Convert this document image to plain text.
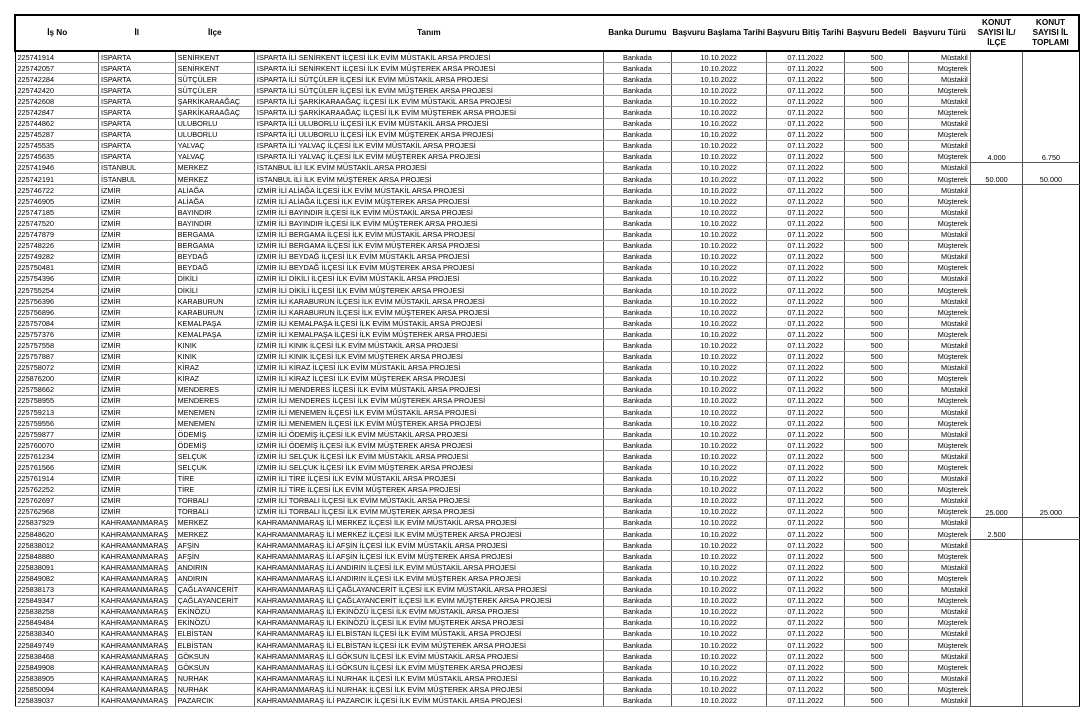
İş No	İl	İlçe	Tanım	Banka Durumu	Başvuru Başlama Tarihi	Başvuru Bitiş Tarihi	Başvuru Bedeli	Başvuru Türü	KONUT SAYISI İL/İLÇE	KONUT SAYISI İL TOPLAMI
225741914	ISPARTA	SENİRKENT	ISPARTA İLİ SENİRKENT İLÇESİ İLK EVİM MÜSTAKİL ARSA PROJESİ	Bankada	10.10.2022	07.11.2022	500	Müstakil	4.000	6.750
225742057	ISPARTA	SENİRKENT	ISPARTA İLİ SENİRKENT İLÇESİ İLK EVİM MÜŞTEREK ARSA PROJESİ	Bankada	10.10.2022	07.11.2022	500	Müşterek		
225742284	ISPARTA	SÜTÇÜLER	ISPARTA İLİ SÜTÇÜLER İLÇESİ İLK EVİM MÜSTAKİL ARSA PROJESİ	Bankada	10.10.2022	07.11.2022	500	Müstakil		
225742420	ISPARTA	SÜTÇÜLER	ISPARTA İLİ SÜTÇÜLER İLÇESİ İLK EVİM MÜŞTEREK ARSA PROJESİ	Bankada	10.10.2022	07.11.2022	500	Müşterek		
225742608	ISPARTA	ŞARKİKARAAĞAÇ	ISPARTA İLİ ŞARKİKARAAĞAÇ İLÇESİ İLK EVİM MÜSTAKİL ARSA PROJESİ	Bankada	10.10.2022	07.11.2022	500	Müstakil		
225742847	ISPARTA	ŞARKİKARAAĞAÇ	ISPARTA İLİ ŞARKİKARAAĞAÇ İLÇESİ İLK EVİM MÜŞTEREK ARSA PROJESİ	Bankada	10.10.2022	07.11.2022	500	Müşterek		
225744862	ISPARTA	ULUBORLU	ISPARTA İLİ ULUBORLU İLÇESİ İLK EVİM MÜSTAKİL ARSA PROJESİ	Bankada	10.10.2022	07.11.2022	500	Müstakil		
225745287	ISPARTA	ULUBORLU	ISPARTA İLİ ULUBORLU İLÇESİ İLK EVİM MÜŞTEREK ARSA PROJESİ	Bankada	10.10.2022	07.11.2022	500	Müşterek		
225745535	ISPARTA	YALVAÇ	ISPARTA İLİ YALVAÇ İLÇESİ İLK EVİM MÜSTAKİL ARSA PROJESİ	Bankada	10.10.2022	07.11.2022	500	Müstakil		
225745635	ISPARTA	YALVAÇ	ISPARTA İLİ YALVAÇ İLÇESİ İLK EVİM MÜŞTEREK ARSA PROJESİ	Bankada	10.10.2022	07.11.2022	500	Müşterek		
225741946	İSTANBUL	MERKEZ	İSTANBUL İLİ İLK EVİM MÜSTAKİL ARSA PROJESİ	Bankada	10.10.2022	07.11.2022	500	Müstakil	50.000	50.000
225742191	İSTANBUL	MERKEZ	İSTANBUL İLİ İLK EVİM MÜŞTEREK ARSA PROJESİ	Bankada	10.10.2022	07.11.2022	500	Müşterek		
225746722	İZMİR	ALİAĞA	İZMİR İLİ ALİAĞA İLÇESİ İLK EVİM MÜSTAKİL ARSA PROJESİ	Bankada	10.10.2022	07.11.2022	500	Müstakil	25.000	25.000
225746905	İZMİR	ALİAĞA	İZMİR İLİ ALİAĞA İLÇESİ İLK EVİM MÜŞTEREK ARSA PROJESİ	Bankada	10.10.2022	07.11.2022	500	Müşterek		
225747185	İZMİR	BAYINDIR	İZMİR İLİ BAYINDIR İLÇESİ İLK EVİM MÜSTAKİL ARSA PROJESİ	Bankada	10.10.2022	07.11.2022	500	Müstakil		
225747520	İZMİR	BAYINDIR	İZMİR İLİ BAYINDIR İLÇESİ İLK EVİM MÜŞTEREK ARSA PROJESİ	Bankada	10.10.2022	07.11.2022	500	Müşterek		
225747879	İZMİR	BERGAMA	İZMİR İLİ BERGAMA İLÇESİ İLK EVİM MÜSTAKİL ARSA PROJESİ	Bankada	10.10.2022	07.11.2022	500	Müstakil		
225748226	İZMİR	BERGAMA	İZMİR İLİ BERGAMA İLÇESİ İLK EVİM MÜŞTEREK ARSA PROJESİ	Bankada	10.10.2022	07.11.2022	500	Müşterek		
225749282	İZMİR	BEYDAĞ	İZMİR İLİ BEYDAĞ İLÇESİ İLK EVİM MÜSTAKİL ARSA PROJESİ	Bankada	10.10.2022	07.11.2022	500	Müstakil		
225750481	İZMİR	BEYDAĞ	İZMİR İLİ BEYDAĞ İLÇESİ İLK EVİM MÜŞTEREK ARSA PROJESİ	Bankada	10.10.2022	07.11.2022	500	Müşterek		
225754396	İZMİR	DİKİLİ	İZMİR İLİ DİKİLİ İLÇESİ İLK EVİM MÜSTAKİL ARSA PROJESİ	Bankada	10.10.2022	07.11.2022	500	Müstakil		
225755254	İZMİR	DİKİLİ	İZMİR İLİ DİKİLİ İLÇESİ İLK EVİM MÜŞTEREK ARSA PROJESİ	Bankada	10.10.2022	07.11.2022	500	Müşterek		
225756396	İZMİR	KARABURUN	İZMİR İLİ KARABURUN İLÇESİ İLK EVİM MÜSTAKİL ARSA PROJESİ	Bankada	10.10.2022	07.11.2022	500	Müstakil		
225756896	İZMİR	KARABURUN	İZMİR İLİ KARABURUN İLÇESİ İLK EVİM MÜŞTEREK ARSA PROJESİ	Bankada	10.10.2022	07.11.2022	500	Müşterek		
225757084	İZMİR	KEMALPAŞA	İZMİR İLİ KEMALPAŞA İLÇESİ İLK EVİM MÜSTAKİL ARSA PROJESİ	Bankada	10.10.2022	07.11.2022	500	Müstakil		
225757376	İZMİR	KEMALPAŞA	İZMİR İLİ KEMALPAŞA İLÇESİ İLK EVİM MÜŞTEREK ARSA PROJESİ	Bankada	10.10.2022	07.11.2022	500	Müşterek		
225757558	İZMİR	KINIK	İZMİR İLİ KINIK İLÇESİ İLK EVİM MÜSTAKİL ARSA PROJESİ	Bankada	10.10.2022	07.11.2022	500	Müstakil		
225757887	İZMİR	KINIK	İZMİR İLİ KINIK İLÇESİ İLK EVİM MÜŞTEREK ARSA PROJESİ	Bankada	10.10.2022	07.11.2022	500	Müşterek		
225758072	İZMİR	KİRAZ	İZMİR İLİ KİRAZ İLÇESİ İLK EVİM MÜSTAKİL ARSA PROJESİ	Bankada	10.10.2022	07.11.2022	500	Müstakil		
225876200	İZMİR	KİRAZ	İZMİR İLİ KİRAZ İLÇESİ İLK EVİM MÜŞTEREK ARSA PROJESİ	Bankada	10.10.2022	07.11.2022	500	Müşterek		
225758662	İZMİR	MENDERES	İZMİR İLİ MENDERES İLÇESİ İLK EVİM MÜSTAKİL ARSA PROJESİ	Bankada	10.10.2022	07.11.2022	500	Müstakil		
225758955	İZMİR	MENDERES	İZMİR İLİ MENDERES İLÇESİ İLK EVİM MÜŞTEREK ARSA PROJESİ	Bankada	10.10.2022	07.11.2022	500	Müşterek		
225759213	İZMİR	MENEMEN	İZMİR İLİ MENEMEN İLÇESİ İLK EVİM MÜSTAKİL ARSA PROJESİ	Bankada	10.10.2022	07.11.2022	500	Müstakil		
225759556	İZMİR	MENEMEN	İZMİR İLİ MENEMEN İLÇESİ İLK EVİM MÜŞTEREK ARSA PROJESİ	Bankada	10.10.2022	07.11.2022	500	Müşterek		
225759877	İZMİR	ÖDEMİŞ	İZMİR İLİ ÖDEMİŞ İLÇESİ İLK EVİM MÜSTAKİL ARSA PROJESİ	Bankada	10.10.2022	07.11.2022	500	Müstakil		
225760070	İZMİR	ÖDEMİŞ	İZMİR İLİ ÖDEMİŞ İLÇESİ İLK EVİM MÜŞTEREK ARSA PROJESİ	Bankada	10.10.2022	07.11.2022	500	Müşterek		
225761234	İZMİR	SELÇUK	İZMİR İLİ SELÇUK İLÇESİ İLK EVİM MÜSTAKİL ARSA PROJESİ	Bankada	10.10.2022	07.11.2022	500	Müstakil		
225761566	İZMİR	SELÇUK	İZMİR İLİ SELÇUK İLÇESİ İLK EVİM MÜŞTEREK ARSA PROJESİ	Bankada	10.10.2022	07.11.2022	500	Müşterek		
225761914	İZMİR	TİRE	İZMİR İLİ TİRE İLÇESİ İLK EVİM MÜSTAKİL ARSA PROJESİ	Bankada	10.10.2022	07.11.2022	500	Müstakil		
225762252	İZMİR	TİRE	İZMİR İLİ TİRE İLÇESİ İLK EVİM MÜŞTEREK ARSA PROJESİ	Bankada	10.10.2022	07.11.2022	500	Müşterek		
225762697	İZMİR	TORBALI	İZMİR İLİ TORBALI İLÇESİ İLK EVİM MÜSTAKİL ARSA PROJESİ	Bankada	10.10.2022	07.11.2022	500	Müstakil		
225762968	İZMİR	TORBALI	İZMİR İLİ TORBALI İLÇESİ İLK EVİM MÜŞTEREK ARSA PROJESİ	Bankada	10.10.2022	07.11.2022	500	Müşterek		
225837929	KAHRAMANMARAŞ	MERKEZ	KAHRAMANMARAŞ İLİ MERKEZ İLÇESİ İLK EVİM MÜSTAKİL ARSA PROJESİ	Bankada	10.10.2022	07.11.2022	500	Müstakil	2.500	
225848620	KAHRAMANMARAŞ	MERKEZ	KAHRAMANMARAŞ İLİ MERKEZ İLÇESİ İLK EVİM MÜŞTEREK ARSA PROJESİ	Bankada	10.10.2022	07.11.2022	500	Müşterek		
225838012	KAHRAMANMARAŞ	AFŞİN	KAHRAMANMARAŞ İLİ AFŞİN İLÇESİ İLK EVİM MÜSTAKİL ARSA PROJESİ	Bankada	10.10.2022	07.11.2022	500	Müstakil		
225848880	KAHRAMANMARAŞ	AFŞİN	KAHRAMANMARAŞ İLİ AFŞİN İLÇESİ İLK EVİM MÜŞTEREK ARSA PROJESİ	Bankada	10.10.2022	07.11.2022	500	Müşterek		
225838091	KAHRAMANMARAŞ	ANDIRIN	KAHRAMANMARAŞ İLİ ANDIRIN İLÇESİ İLK EVİM MÜSTAKİL ARSA PROJESİ	Bankada	10.10.2022	07.11.2022	500	Müstakil		
225849082	KAHRAMANMARAŞ	ANDIRIN	KAHRAMANMARAŞ İLİ ANDIRIN İLÇESİ İLK EVİM MÜŞTEREK ARSA PROJESİ	Bankada	10.10.2022	07.11.2022	500	Müşterek		
225838173	KAHRAMANMARAŞ	ÇAĞLAYANCERİT	KAHRAMANMARAŞ İLİ ÇAĞLAYANCERİT İLÇESİ İLK EVİM MÜSTAKİL ARSA PROJESİ	Bankada	10.10.2022	07.11.2022	500	Müstakil		
225849347	KAHRAMANMARAŞ	ÇAĞLAYANCERİT	KAHRAMANMARAŞ İLİ ÇAĞLAYANCERİT İLÇESİ İLK EVİM MÜŞTEREK ARSA PROJESİ	Bankada	10.10.2022	07.11.2022	500	Müşterek		
225838258	KAHRAMANMARAŞ	EKİNÖZÜ	KAHRAMANMARAŞ İLİ EKİNÖZÜ İLÇESİ İLK EVİM MÜSTAKİL ARSA PROJESİ	Bankada	10.10.2022	07.11.2022	500	Müstakil		
225849484	KAHRAMANMARAŞ	EKİNÖZÜ	KAHRAMANMARAŞ İLİ EKİNÖZÜ İLÇESİ İLK EVİM MÜŞTEREK ARSA PROJESİ	Bankada	10.10.2022	07.11.2022	500	Müşterek		
225838340	KAHRAMANMARAŞ	ELBİSTAN	KAHRAMANMARAŞ İLİ ELBİSTAN İLÇESİ İLK EVİM MÜSTAKİL ARSA PROJESİ	Bankada	10.10.2022	07.11.2022	500	Müstakil		
225849749	KAHRAMANMARAŞ	ELBİSTAN	KAHRAMANMARAŞ İLİ ELBİSTAN İLÇESİ İLK EVİM MÜŞTEREK ARSA PROJESİ	Bankada	10.10.2022	07.11.2022	500	Müşterek		
225838468	KAHRAMANMARAŞ	GÖKSUN	KAHRAMANMARAŞ İLİ GÖKSUN İLÇESİ İLK EVİM MÜSTAKİL ARSA PROJESİ	Bankada	10.10.2022	07.11.2022	500	Müstakil		
225849908	KAHRAMANMARAŞ	GÖKSUN	KAHRAMANMARAŞ İLİ GÖKSUN İLÇESİ İLK EVİM MÜŞTEREK ARSA PROJESİ	Bankada	10.10.2022	07.11.2022	500	Müşterek		
225838905	KAHRAMANMARAŞ	NURHAK	KAHRAMANMARAŞ İLİ NURHAK İLÇESİ İLK EVİM MÜSTAKİL ARSA PROJESİ	Bankada	10.10.2022	07.11.2022	500	Müstakil		
225850094	KAHRAMANMARAŞ	NURHAK	KAHRAMANMARAŞ İLİ NURHAK İLÇESİ İLK EVİM MÜŞTEREK ARSA PROJESİ	Bankada	10.10.2022	07.11.2022	500	Müşterek		
225839037	KAHRAMANMARAŞ	PAZARCIK	KAHRAMANMARAŞ İLİ PAZARCIK İLÇESİ İLK EVİM MÜSTAKİL ARSA PROJESİ	Bankada	10.10.2022	07.11.2022	500	Müstakil		
